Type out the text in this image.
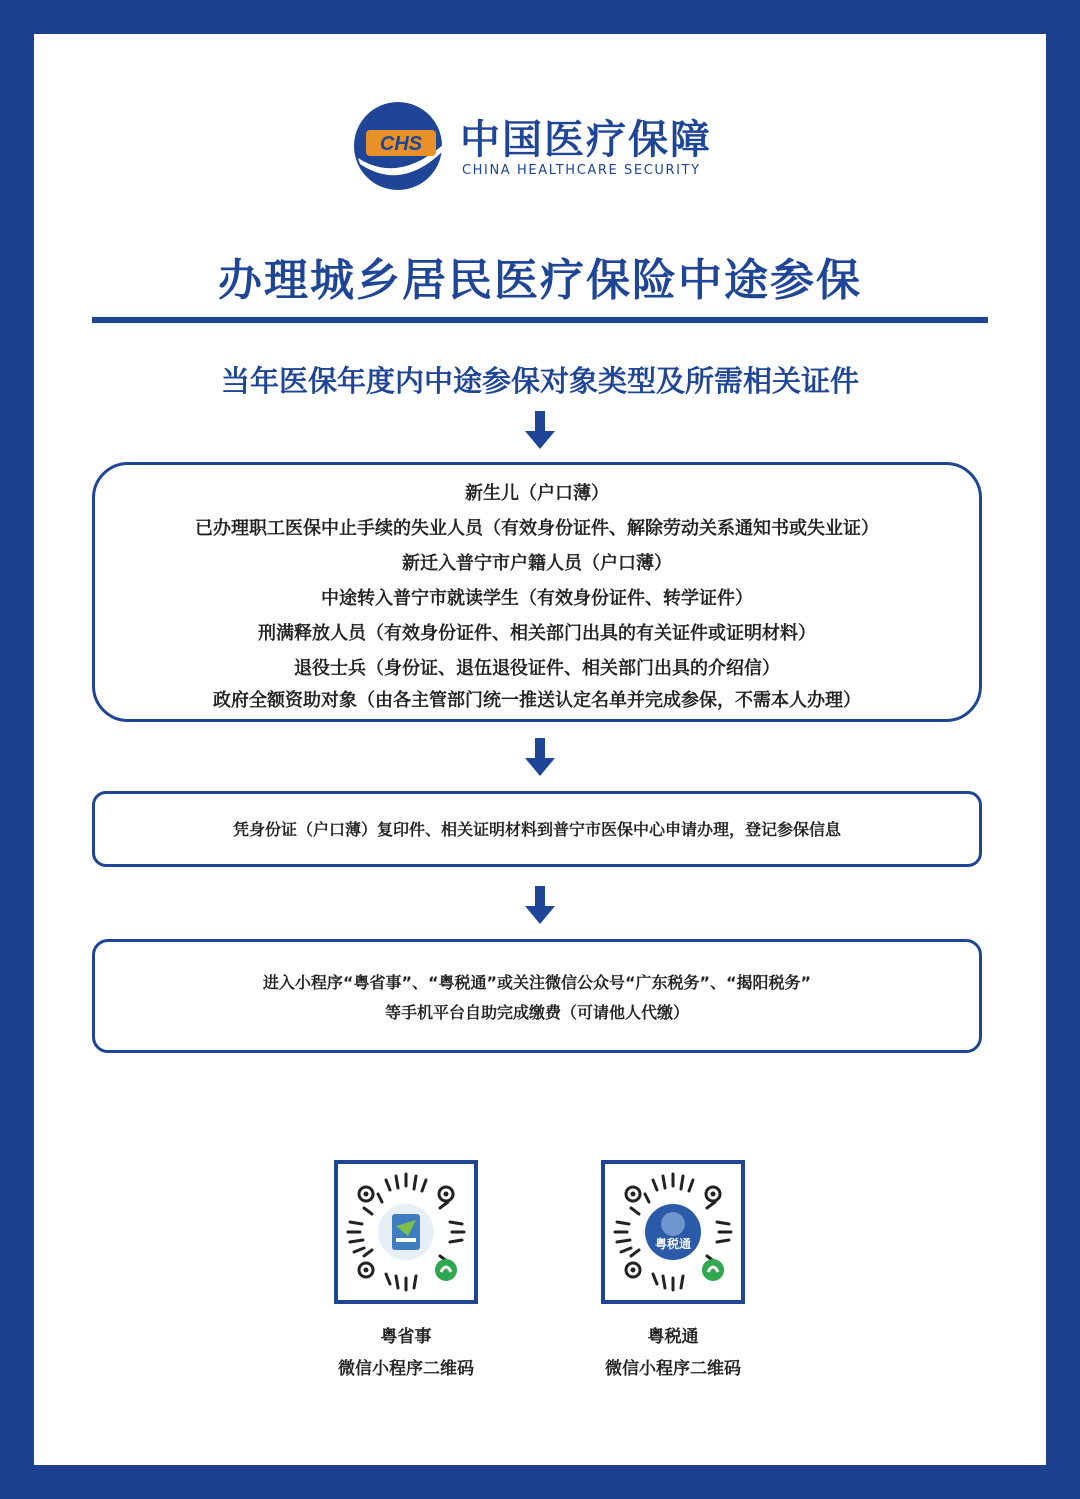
CHS 中国医疗保障
CHINA HEALTHCARE SECURITY
办理城乡居民医疗保险中途参保
当年医保年度内中途参保对象类型及所需相关证件
新生儿（户口薄）
已办理职工医保中止手续的失业人员（有效身份证件、解除劳动关系通知书或失业证）
新迁入普宁市户籍人员（户口薄）
中途转入普宁市就读学生（有效身份证件、转学证件）
刑满释放人员（有效身份证件、相关部门出具的有关证件或证明材料）
退役士兵（身份证、退伍退役证件、相关部门出具的介绍信）
政府全额资助对象（由各主管部门统一推送认定名单并完成参保，不需本人办理）
凭身份证（户口薄）复印件、相关证明材料到普宁市医保中心申请办理，登记参保信息
进入小程序“粤省事”、“粤税通”或关注微信公众号“广东税务”、“揭阳税务”
等手机平台自助完成缴费（可请他人代缴）
粤省事
微信小程序二维码
粤税通
粤税通
微信小程序二维码
